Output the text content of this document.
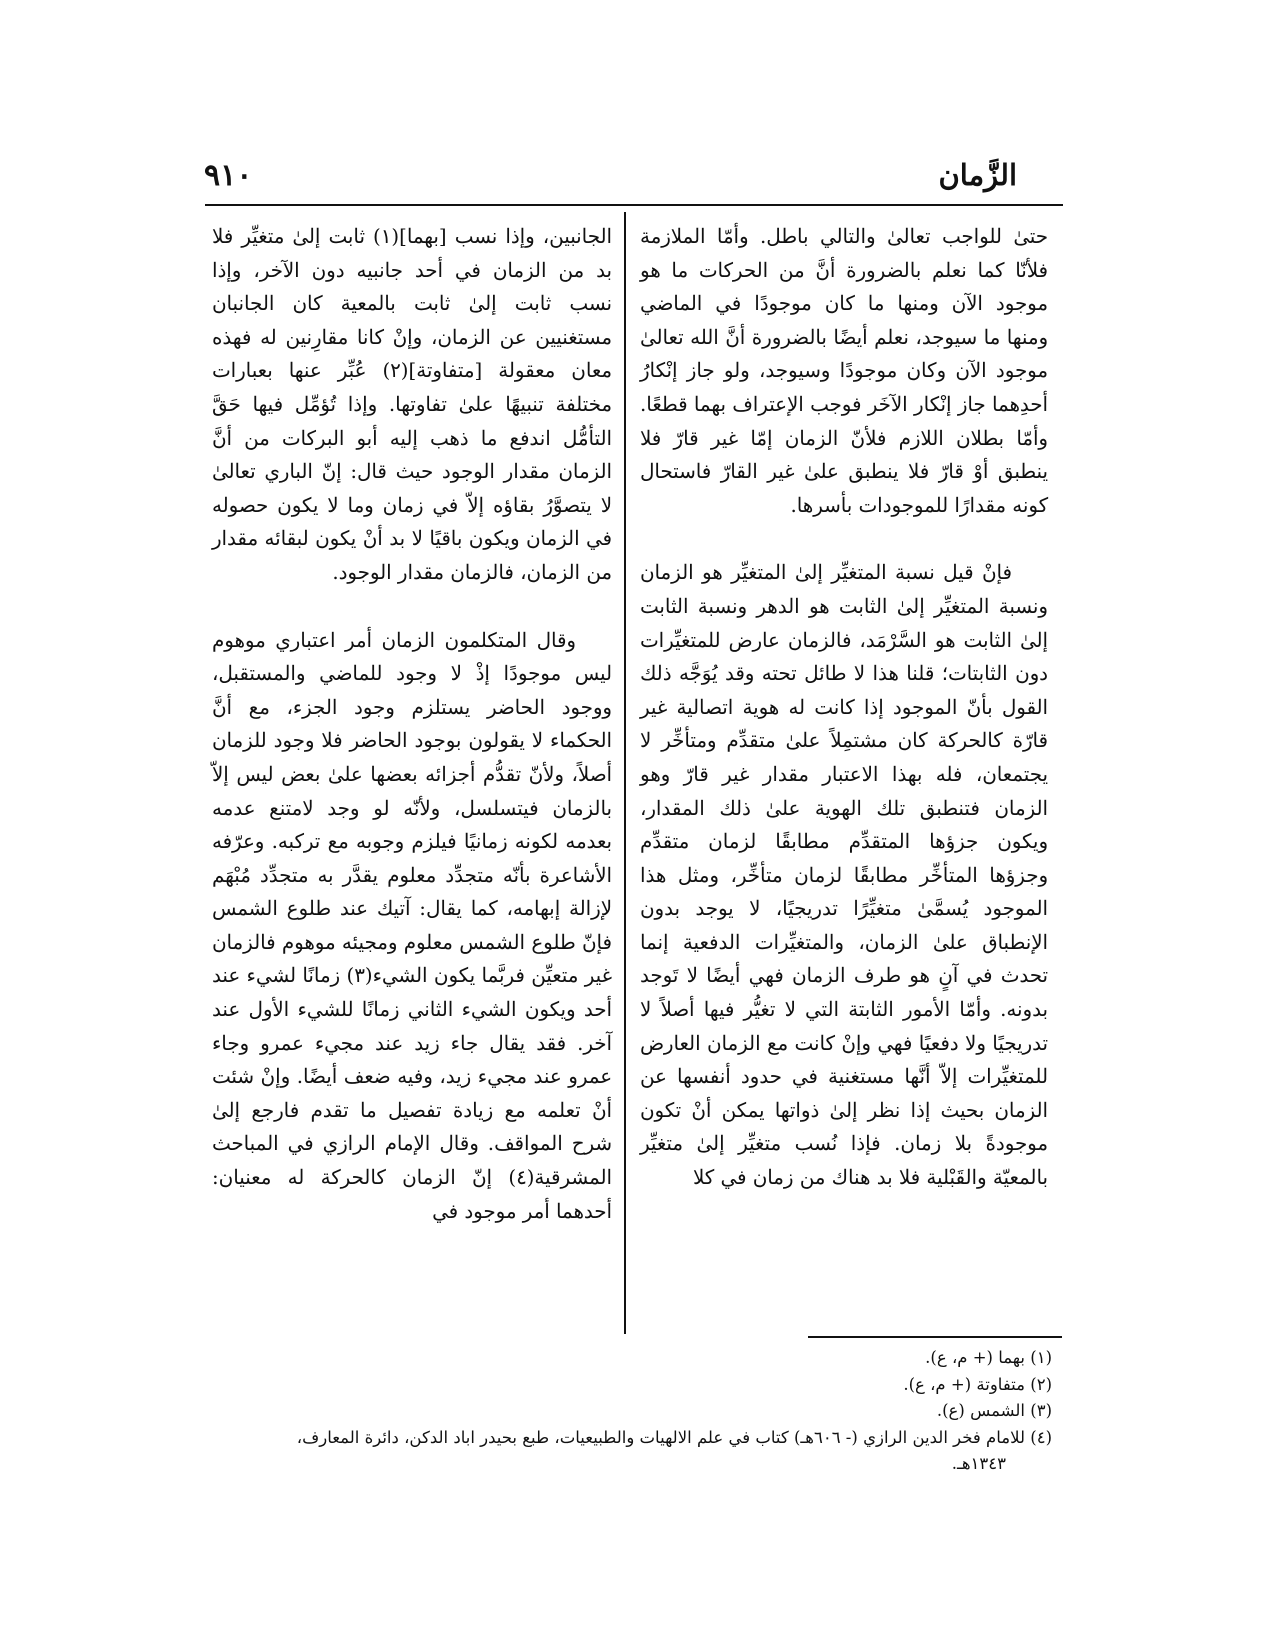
الزَّمان
٩١٠

حتىٰ للواجب تعالىٰ والتالي باطل. وأمّا الملازمة فلأنّا كما نعلم بالضرورة أنَّ من الحركات ما هو موجود الآن ومنها ما كان موجودًا في الماضي ومنها ما سيوجد، نعلم أيضًا بالضرورة أنَّ الله تعالىٰ موجود الآن وكان موجودًا وسيوجد، ولو جاز إنْكارُ أحدِهما جاز إنْكار الآخَر فوجب الإعتراف بهما قطعًا. وأمّا بطلان اللازم فلأنّ الزمان إمّا غير قارّ فلا ينطبق أوْ قارّ فلا ينطبق علىٰ غير القارّ فاستحال كونه مقدارًا للموجودات بأسرها.

فإنْ قيل نسبة المتغيِّر إلىٰ المتغيِّر هو الزمان ونسبة المتغيِّر إلىٰ الثابت هو الدهر ونسبة الثابت إلىٰ الثابت هو السَّرْمَد، فالزمان عارض للمتغيِّرات دون الثابتات؛ قلنا هذا لا طائل تحته وقد يُوَجَّه ذلك القول بأنّ الموجود إذا كانت له هوية اتصالية غير قارّة كالحركة كان مشتمِلاً علىٰ متقدِّم ومتأخِّر لا يجتمعان، فله بهذا الاعتبار مقدار غير قارّ وهو الزمان فتنطبق تلك الهوية علىٰ ذلك المقدار، ويكون جزؤها المتقدِّم مطابقًا لزمان متقدِّم وجزؤها المتأخِّر مطابقًا لزمان متأخِّر، ومثل هذا الموجود يُسمَّىٰ متغيِّرًا تدريجيًا، لا يوجد بدون الإنطباق علىٰ الزمان، والمتغيِّرات الدفعية إنما تحدث في آنٍ هو طرف الزمان فهي أيضًا لا تَوجد بدونه. وأمّا الأمور الثابتة التي لا تغيُّر فيها أصلاً لا تدريجيًا ولا دفعيًا فهي وإنْ كانت مع الزمان العارض للمتغيِّرات إلاّ أنَّها مستغنية في حدود أنفسها عن الزمان بحيث إذا نظر إلىٰ ذواتها يمكن أنْ تكون موجودةً بلا زمان. فإذا نُسب متغيِّر إلىٰ متغيِّر بالمعيّة والقَبْلية فلا بد هناك من زمان في كلا

الجانبين، وإذا نسب [بهما](١) ثابت إلىٰ متغيِّر فلا بد من الزمان في أحد جانبيه دون الآخر، وإذا نسب ثابت إلىٰ ثابت بالمعية كان الجانبان مستغنيين عن الزمان، وإنْ كانا مقارِنين له فهذه معان معقولة [متفاوتة](٢) عُبِّر عنها بعبارات مختلفة تنبيهًا علىٰ تفاوتها. وإذا تُؤمِّل فيها حَقَّ التأمُّل اندفع ما ذهب إليه أبو البركات من أنَّ الزمان مقدار الوجود حيث قال: إنّ الباري تعالىٰ لا يتصوَّرُ بقاؤه إلاّ في زمان وما لا يكون حصوله في الزمان ويكون باقيًا لا بد أنْ يكون لبقائه مقدار من الزمان، فالزمان مقدار الوجود.

وقال المتكلمون الزمان أمر اعتباري موهوم ليس موجودًا إذْ لا وجود للماضي والمستقبل، ووجود الحاضر يستلزم وجود الجزء، مع أنَّ الحكماء لا يقولون بوجود الحاضر فلا وجود للزمان أصلاً، ولأنّ تقدُّم أجزائه بعضها علىٰ بعض ليس إلاّ بالزمان فيتسلسل، ولأنّه لو وجد لامتنع عدمه بعدمه لكونه زمانيًا فيلزم وجوبه مع تركبه. وعرّفه الأشاعرة بأنّه متجدِّد معلوم يقدَّر به متجدِّد مُبْهَم لإزالة إبهامه، كما يقال: آتيك عند طلوع الشمس فإنّ طلوع الشمس معلوم ومجيئه موهوم فالزمان غير متعيِّن فربَّما يكون الشيء(٣) زمانًا لشيء عند أحد ويكون الشيء الثاني زمانًا للشيء الأول عند آخر. فقد يقال جاء زيد عند مجيء عمرو وجاء عمرو عند مجيء زيد، وفيه ضعف أيضًا. وإنْ شئت أنْ تعلمه مع زيادة تفصيل ما تقدم فارجع إلىٰ شرح المواقف. وقال الإمام الرازي في المباحث المشرقية(٤) إنّ الزمان كالحركة له معنيان: أحدهما أمر موجود في

(١) بهما (+ م، ع).

(٢) متفاوتة (+ م، ع).

(٣) الشمس (ع).

(٤) للامام فخر الدين الرازي (- ٦٠٦هـ) كتاب في علم الالهيات والطبيعيات، طبع بحيدر اباد الدكن، دائرة المعارف،

١٣٤٣هـ.
